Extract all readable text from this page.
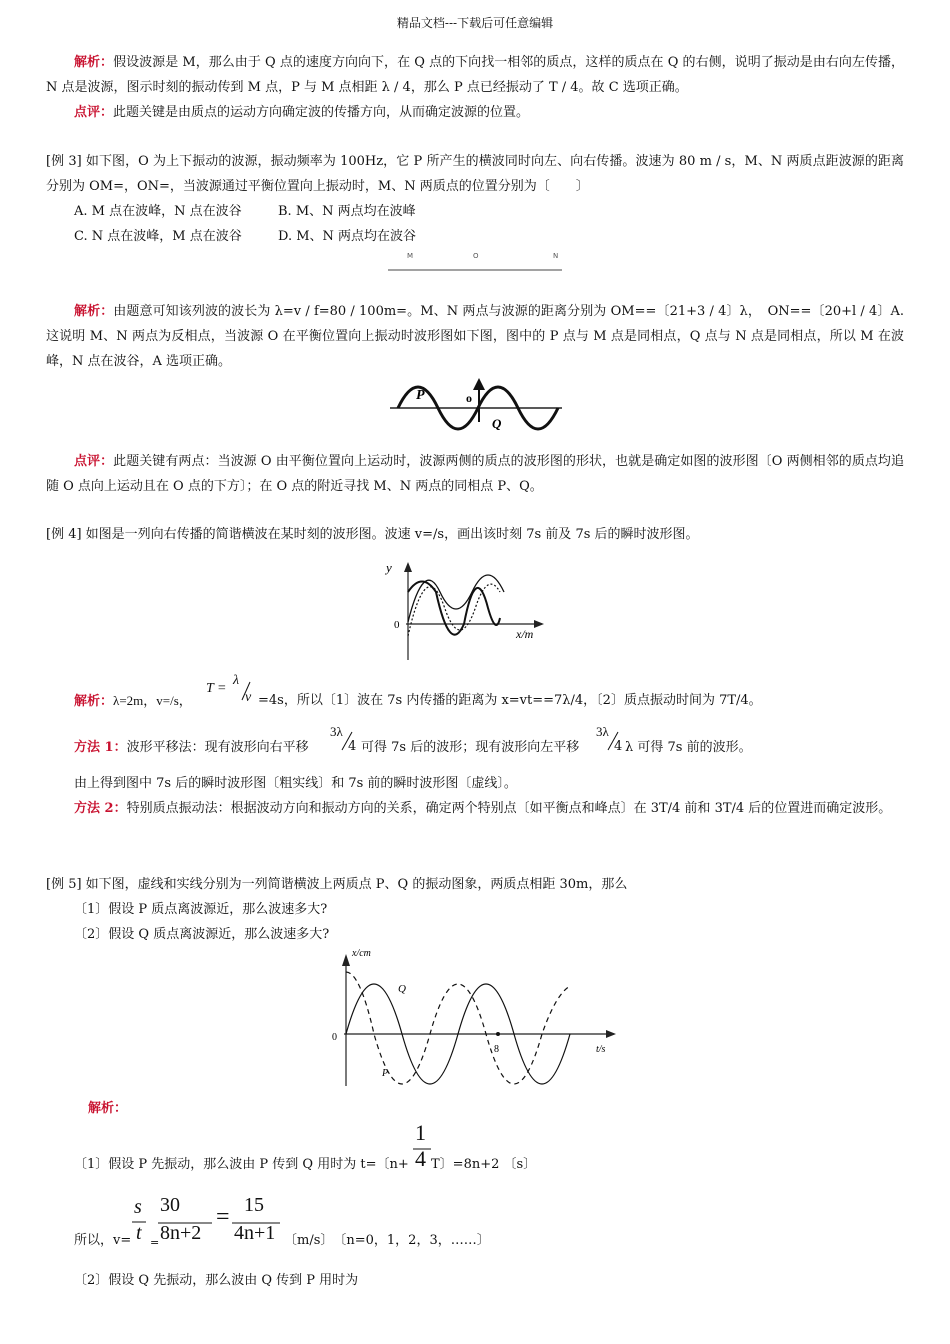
精品文档---下载后可任意编辑
解析：假设波源是 M，那么由于 Q 点的速度方向向下，在 Q 点的下向找一相邻的质点，这样的质点在 Q 的右侧，说明了振动是由右向左传播，N 点是波源，图示时刻的振动传到 M 点，P 与 M 点相距 λ / 4，那么 P 点已经振动了 T / 4。故 C 选项正确。
点评：此题关键是由质点的运动方向确定波的传播方向，从而确定波源的位置。
[例 3] 如下图，O 为上下振动的波源，振动频率为 100Hz，它 P 所产生的横波同时向左、向右传播。波速为 80 m / s，M、N 两质点距波源的距离分别为 OM=，ON=，当波源通过平衡位置向上振动时，M、N 两质点的位置分别为〔　　〕
A. M 点在波峰，N 点在波谷	B. M、N 两点均在波峰
C. N 点在波峰，M 点在波谷	D. M、N 两点均在波谷
M	O	N
解析：由题意可知该列波的波长为 λ=v / f=80 / 100m=。M、N 两点与波源的距离分别为 OM==〔21+3 / 4〕λ，　ON==〔20+l / 4〕A. 这说明 M、N 两点为反相点，当波源 O 在平衡位置向上振动时波形图如下图，图中的 P 点与 M 点是同相点，Q 点与 N 点是同相点，所以 M 在波峰，N 点在波谷，A 选项正确。
P	o
Q
点评：此题关键有两点：当波源 O 由平衡位置向上运动时，波源两侧的质点的波形图的形状，也就是确定如图的波形图〔O 两侧相邻的质点均追随 O 点向上运动且在 O 点的下方〕；在 O 点的附近寻找 M、N 两点的同相点 P、Q。
[例 4] 如图是一列向右传播的简谐横波在某时刻的波形图。波速 v=/s，画出该时刻 7s 前及 7s 后的瞬时波形图。
y
0
x/m
解析：λ=2m，v=/s，
T =
λ
v =4s，所以〔1〕波在 7s 内传播的距离为 x=vt==7λ/4，〔2〕质点振动时间为 7T/4。
方法 1：波形平移法：现有波形向右平移
3λ
4 可得 7s 后的波形；现有波形向左平移
3λ
4 λ 可得 7s 前的波形。
由上得到图中 7s 后的瞬时波形图〔粗实线〕和 7s 前的瞬时波形图〔虚线〕。
方法 2：特别质点振动法：根据波动方向和振动方向的关系，确定两个特别点〔如平衡点和峰点〕在 3T/4 前和 3T/4 后的位置进而确定波形。
[例 5] 如下图，虚线和实线分别为一列简谐横波上两质点 P、Q 的振动图象，两质点相距 30m，那么
〔1〕假设 P 质点离波源近，那么波速多大?
〔2〕假设 Q 质点离波源近，那么波速多大?
x/cm
0
t/s
Q
P
8
解析：
1
4
〔1〕假设 P 先振动，那么波由 P 传到 Q 用时为 t=〔n+ T〕=8n+2 〔s〕
所以，v=
s
t =
30
8n+2
= 15
4n+1 〔m/s〕　〔n=0，1，2，3，……〕
〔2〕假设 Q 先振动，那么波由 Q 传到 P 用时为
